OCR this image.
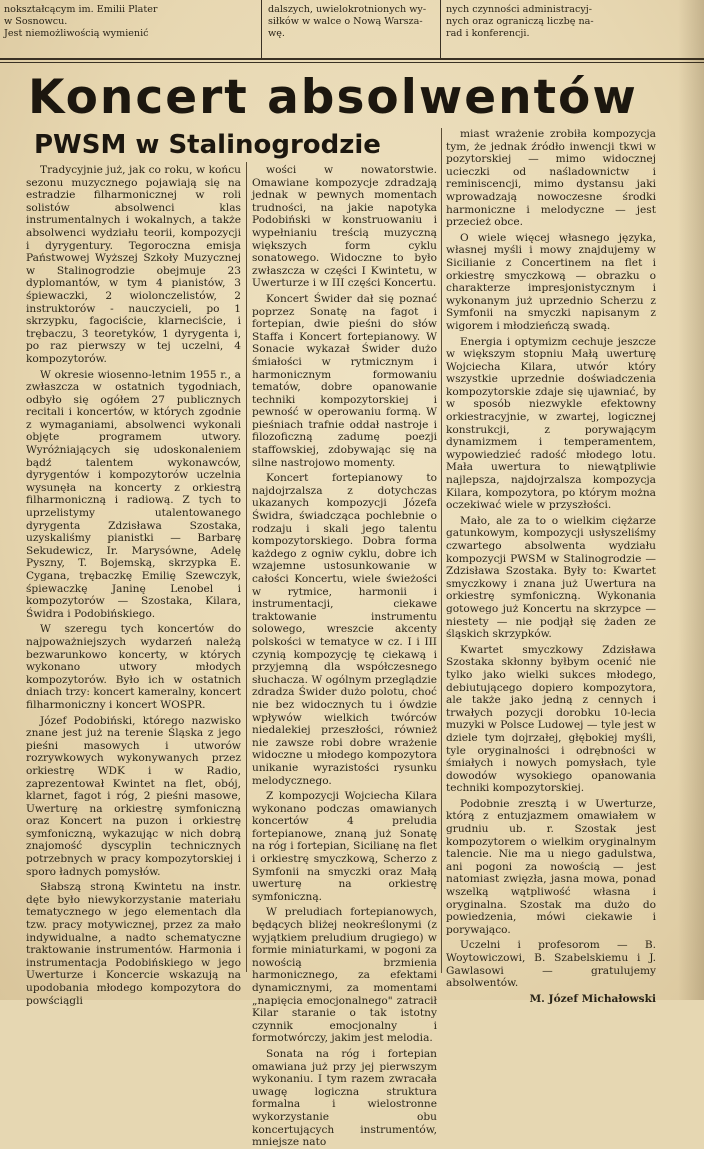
nokształcącym im. Emilii Plater
w Sosnowcu.
Jest niemożliwością wymienić
dalszych, uwielokrotnionych wy-
siłków w walce o Nową Warsza-
wę.
nych czynności administracyj-
nych oraz ograniczą liczbę na-
rad i konferencji.
Koncert absolwentów
PWSM w Stalinogrodzie

Tradycyjnie już, jak co roku, w końcu sezonu muzycznego pojawiają się na estradzie filharmonicznej w roli solistów absolwenci klas instrumentalnych i wokalnych, a także absolwenci wydziału teorii, kompozycji i dyrygentury. Tegoroczna emisja Państwowej Wyższej Szkoły Muzycznej w Stalinogrodzie obejmuje 23 dyplomantów, w tym 4 pianistów, 3 śpiewaczki, 2 wiolonczelistów, 2 instruktorów - nauczycieli, po 1 skrzypku, fagociście, klarneciście, i trębaczu, 3 teoretyków, 1 dyrygenta i, po raz pierwszy w tej uczelni, 4 kompozytorów.

W okresie wiosenno-letnim 1955 r., a zwłaszcza w ostatnich tygodniach, odbyło się ogółem 27 publicznych recitali i koncertów, w których zgodnie z wymaganiami, absolwenci wykonali objęte programem utwory. Wyróżniających się udoskonaleniem bądź talentem wykonawców, dyrygentów i kompozytorów uczelnia wysunęła na koncerty z orkiestrą filharmoniczną i radiową. Z tych to uprzelistymy utalentowanego dyrygenta Zdzisława Szostaka, uzyskaliśmy pianistki — Barbarę Sekudewicz, Ir. Marysówne, Adelę Pyszny, T. Bojemską, skrzypka E. Cygana, trębaczkę Emilię Szewczyk, śpiewaczkę Janinę Lenobel i kompozytorów — Szostaka, Kilara, Świdra i Podobińskiego.

W szeregu tych koncertów do najpoważniejszych wydarzeń należą bezwarunkowo koncerty, w których wykonano utwory młodych kompozytorów. Było ich w ostatnich dniach trzy: koncert kameralny, koncert filharmoniczny i koncert WOSPR.

Józef Podobiński, którego nazwisko znane jest już na terenie Śląska z jego pieśni masowych i utworów rozrywkowych wykonywanych przez orkiestrę WDK i w Radio, zaprezentował Kwintet na flet, obój, klarnet, fagot i róg, 2 pieśni masowe, Uwerturę na orkiestrę symfoniczną oraz Koncert na puzon i orkiestrę symfoniczną, wykazując w nich dobrą znajomość dyscyplin technicznych potrzebnych w pracy kompozytorskiej i sporo ładnych pomysłów.

Słabszą stroną Kwintetu na instr. dęte było niewykorzystanie materiału tematycznego w jego elementach dla tzw. pracy motywicznej, przez za mało indywidualne, a nadto schematyczne traktowanie instrumentów. Harmonia i instrumentacja Podobińskiego w jego Uwerturze i Koncercie wskazują na upodobania młodego kompozytora do powściągli

wości w nowatorstwie. Omawiane kompozycje zdradzają jednak w pewnych momentach trudności, na jakie napotyka Podobiński w konstruowaniu i wypełnianiu treścią muzyczną większych form cyklu sonatowego. Widoczne to było zwłaszcza w części I Kwintetu, w Uwerturze i w III części Koncertu.

Koncert Świder dał się poznać poprzez Sonatę na fagot i fortepian, dwie pieśni do słów Staffa i Koncert fortepianowy. W Sonacie wykazał Świder dużo śmiałości w rytmicznym i harmonicznym formowaniu tematów, dobre opanowanie techniki kompozytorskiej i pewność w operowaniu formą. W pieśniach trafnie oddał nastroje i filozoficzną zadumę poezji staffowskiej, zdobywając się na silne nastrojowo momenty.

Koncert fortepianowy to najdojrzalsza z dotychczas ukazanych kompozycji Józefa Świdra, świadcząca pochlebnie o rodzaju i skali jego talentu kompozytorskiego. Dobra forma każdego z ogniw cyklu, dobre ich wzajemne ustosunkowanie w całości Koncertu, wiele świeżości w rytmice, harmonii i instrumentacji, ciekawe traktowanie instrumentu solowego, wreszcie akcenty polskości w tematyce w cz. I i III czynią kompozycję tę ciekawą i przyjemną dla współczesnego słuchacza. W ogólnym przeglądzie zdradza Świder dużo polotu, choć nie bez widocznych tu i ówdzie wpływów wielkich twórców niedalekiej przeszłości, również nie zawsze robi dobre wrażenie widoczne u młodego kompozytora unikanie wyrazistości rysunku melodycznego.

Z kompozycji Wojciecha Kilara wykonano podczas omawianych koncertów 4 preludia fortepianowe, znaną już Sonatę na róg i fortepian, Sicilianę na flet i orkiestrę smyczkową, Scherzo z Symfonii na smyczki oraz Małą uwerturę na orkiestrę symfoniczną.

W preludiach fortepianowych, będących bliżej neokreślonymi (z wyjątkiem preludium drugiego) w formie miniaturkami, w pogoni za nowością brzmienia harmonicznego, za efektami dynamicznymi, za momentami „napięcia emocjonalnego" zatracił Kilar staranie o tak istotny czynnik emocjonalny i formotwórczy, jakim jest melodia.

Sonata na róg i fortepian omawiana już przy jej pierwszym wykonaniu. I tym razem zwracała uwagę logiczna struktura formalna i wielostronne wykorzystanie obu koncertujących instrumentów, mniejsze nato

miast wrażenie zrobiła kompozycja tym, że jednak źródło inwencji tkwi w pozytorskiej — mimo widocznej ucieczki od naśladownictw i reminiscencji, mimo dystansu jaki wprowadzają nowoczesne środki harmoniczne i melodyczne — jest przecież obce.

O wiele więcej własnego języka, własnej myśli i mowy znajdujemy w Sicilianie z Concertinem na flet i orkiestrę smyczkową — obrazku o charakterze impresjonistycznym i wykonanym już uprzednio Scherzu z Symfonii na smyczki napisanym z wigorem i młodzieńczą swadą.

Energia i optymizm cechuje jeszcze w większym stopniu Małą uwerturę Wojciecha Kilara, utwór który wszystkie uprzednie doświadczenia kompozytorskie zdaje się ujawniać, by w sposób niezwykle efektowny orkiestracyjnie, w zwartej, logicznej konstrukcji, z porywającym dynamizmem i temperamentem, wypowiedzieć radość młodego lotu. Mała uwertura to niewątpliwie najlepsza, najdojrzalsza kompozycja Kilara, kompozytora, po którym można oczekiwać wiele w przyszłości.

Mało, ale za to o wielkim ciężarze gatunkowym, kompozycji usłyszeliśmy czwartego absolwenta wydziału kompozycji PWSM w Stalinogrodzie — Zdzisława Szostaka. Były to: Kwartet smyczkowy i znana już Uwertura na orkiestrę symfoniczną. Wykonania gotowego już Koncertu na skrzypce — niestety — nie podjął się żaden ze śląskich skrzypków.

Kwartet smyczkowy Zdzisława Szostaka skłonny byłbym ocenić nie tylko jako wielki sukces młodego, debiutującego dopiero kompozytora, ale także jako jedną z cennych i trwałych pozycji dorobku 10-lecia muzyki w Polsce Ludowej — tyle jest w dziele tym dojrzałej, głębokiej myśli, tyle oryginalności i odrębności w śmiałych i nowych pomysłach, tyle dowodów wysokiego opanowania techniki kompozytorskiej.

Podobnie zresztą i w Uwerturze, którą z entuzjazmem omawiałem w grudniu ub. r. Szostak jest kompozytorem o wielkim oryginalnym talencie. Nie ma u niego gadulstwa, ani pogoni za nowością — jest natomiast zwięzła, jasna mowa, ponad wszelką wątpliwość własna i oryginalna. Szostak ma dużo do powiedzenia, mówi ciekawie i porywająco.

Uczelni i profesorom — B. Woytowiczowi, B. Szabelskiemu i J. Gawlasowi — gratulujemy absolwentów.

M. Józef Michałowski
